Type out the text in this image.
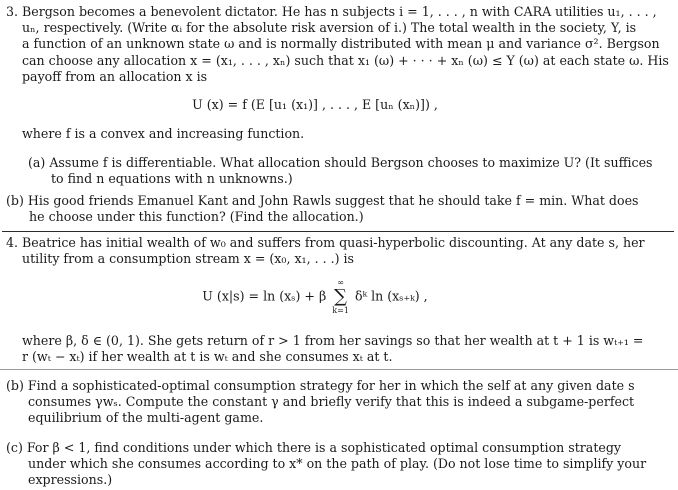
3. Bergson becomes a benevolent dictator. He has n subjects i = 1, . . . , n with CARA utilities u₁, . . . ,
uₙ, respectively. (Write αᵢ for the absolute risk aversion of i.) The total wealth in the society, Y, is
a function of an unknown state ω and is normally distributed with mean μ and variance σ². Bergson
can choose any allocation x = (x₁, . . . , xₙ) such that x₁ (ω) + · · · + xₙ (ω) ≤ Y (ω) at each state ω. His
payoff from an allocation x is
U (x) = f (E [u₁ (x₁)] , . . . , E [uₙ (xₙ)]) ,
where f is a convex and increasing function.
(a) Assume f is differentiable. What allocation should Bergson chooses to maximize U? (It suffices
to find n equations with n unknowns.)
(b) His good friends Emanuel Kant and John Rawls suggest that he should take f = min. What does
he choose under this function? (Find the allocation.)
4. Beatrice has initial wealth of w₀ and suffers from quasi-hyperbolic discounting. At any date s, her
utility from a consumption stream x = (x₀, x₁, . . .) is
U (x|s) = ln (xₛ) + β
∞
∑
k=1
δᵏ ln (xₛ₊ₖ) ,
where β, δ ∈ (0, 1). She gets return of r > 1 from her savings so that her wealth at t + 1 is wₜ₊₁ =
r (wₜ − xₜ) if her wealth at t is wₜ and she consumes xₜ at t.
(b) Find a sophisticated-optimal consumption strategy for her in which the self at any given date s
consumes γwₛ. Compute the constant γ and briefly verify that this is indeed a subgame-perfect
equilibrium of the multi-agent game.
(c) For β < 1, find conditions under which there is a sophisticated optimal consumption strategy
under which she consumes according to x* on the path of play. (Do not lose time to simplify your
expressions.)
